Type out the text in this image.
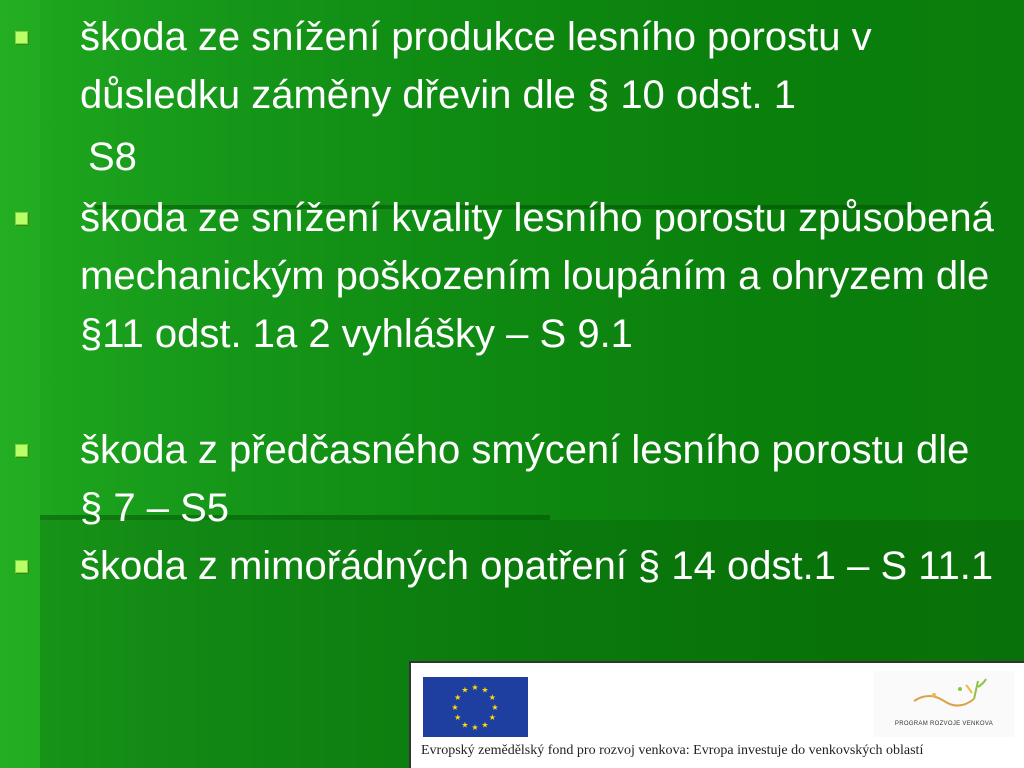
škoda ze snížení produkce lesního porostu v důsledku záměny dřevin dle § 10 odst. 1
S8
škoda ze snížení kvality lesního porostu způsobená mechanickým poškozením loupáním a ohryzem dle §11 odst. 1a 2 vyhlášky – S 9.1
škoda z předčasného smýcení lesního porostu dle § 7 – S5
škoda z mimořádných opatření § 14 odst.1 – S 11.1
★ ★
★
★
★
★
★
★
★
★
★
★
PROGRAM ROZVOJE VENKOVA
Evropský zemědělský fond pro rozvoj venkova: Evropa investuje do venkovských oblastí
